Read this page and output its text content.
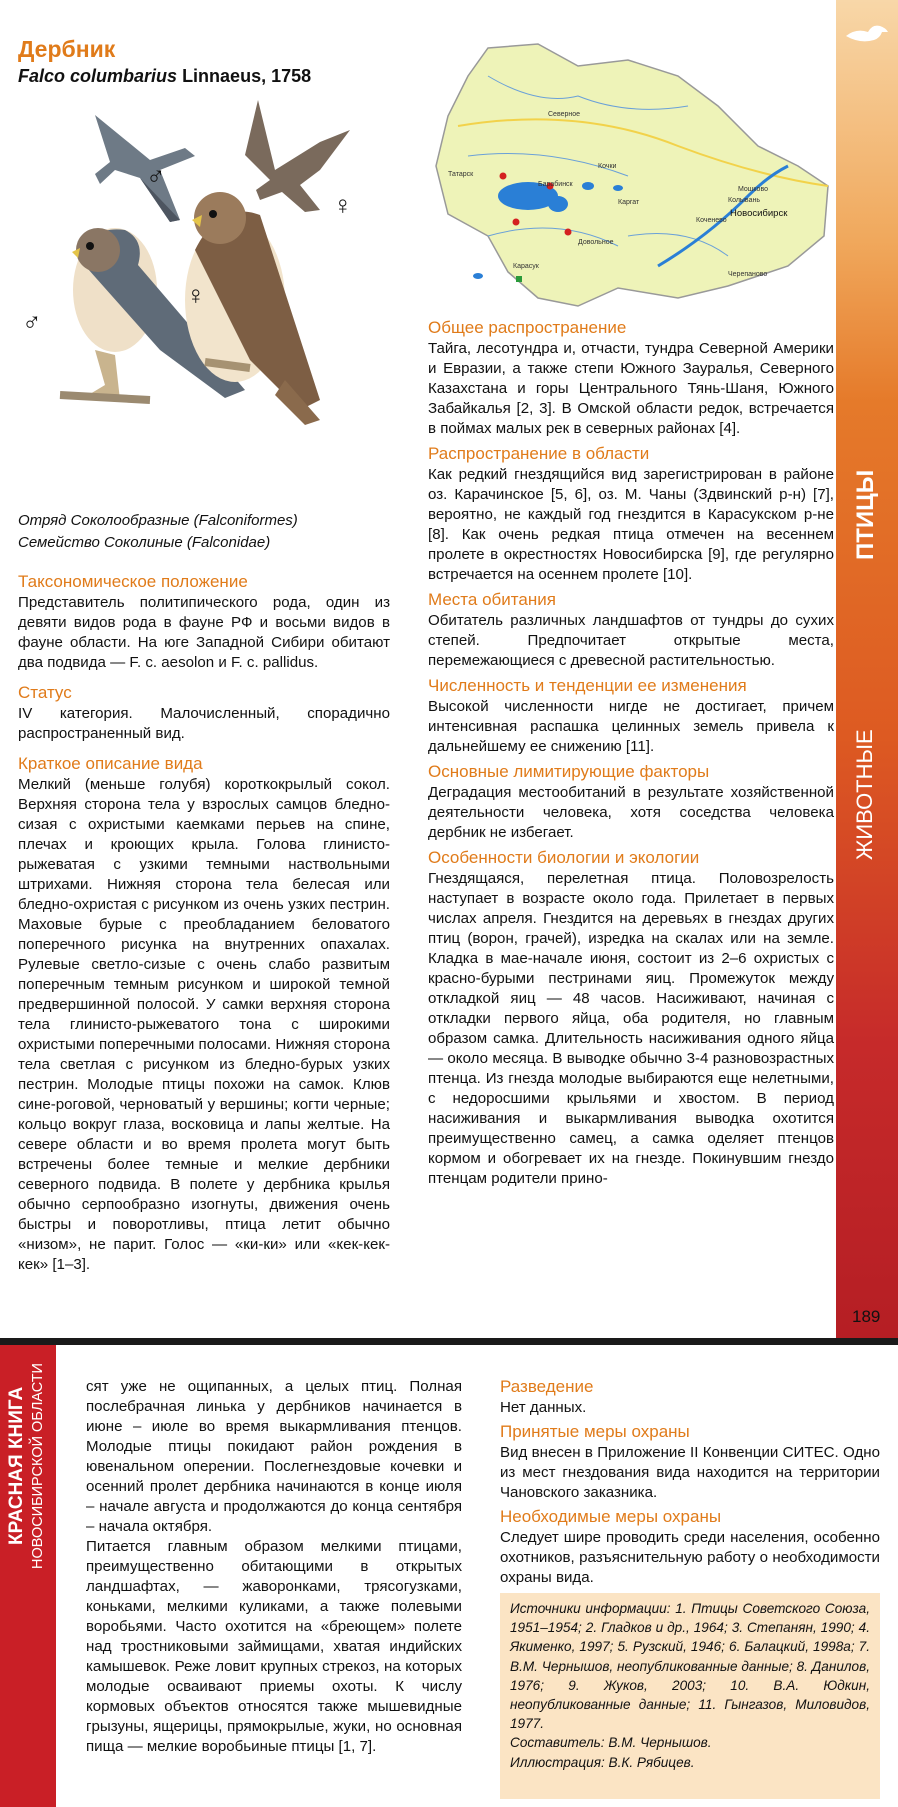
Дербник
Falco columbarius Linnaeus, 1758
♂
♀
♀
♂
Отряд Соколообразные (Falconiformes)
Семейство Соколиные (Falconidae)
Таксономическое положение

Представитель политипического рода, один из девяти видов рода в фауне РФ и восьми видов в фауне области. На юге Западной Сибири обитают два подвида — F. c. aesolon и F. c. pallidus.

Статус

IV категория. Малочисленный, спорадично распространенный вид.

Краткое описание вида

Мелкий (меньше голубя) короткокрылый сокол. Верхняя сторона тела у взрослых самцов бледно-сизая с охристыми каемками перьев на спине, плечах и кроющих крыла. Голова глинисто-рыжеватая с узкими темными наствольными штрихами. Нижняя сторона тела белесая или бледно-охристая с рисунком из очень узких пестрин. Маховые бурые с преобладанием беловатого поперечного рисунка на внутренних опахалах. Рулевые светло-сизые с очень слабо развитым поперечным темным рисунком и широкой темной предвершинной полосой. У самки верхняя сторона тела глинисто-рыжеватого тона с широкими охристыми поперечными полосами. Нижняя сторона тела светлая с рисунком из бледно-бурых узких пестрин. Молодые птицы похожи на самок. Клюв сине-роговой, черноватый у вершины; когти черные; кольцо вокруг глаза, восковица и лапы желтые. На севере области и во время пролета могут быть встречены более темные и мелкие дербники северного подвида. В полете у дербника крылья обычно серпообразно изогнуты, движения очень быстры и поворотливы, птица летит обычно «низом», не парит. Голос — «ки-ки» или «кек-кек-кек» [1–3].

Северное
Татарск
Барабинск
Каргат
Кочки
Мошково
Колывань
Коченево
Новосибирск
Довольное
Карасук
Черепаново
Общее распространение

Тайга, лесотундра и, отчасти, тундра Северной Америки и Евразии, а также степи Южного Зауралья, Северного Казахстана и горы Центрального Тянь-Шаня, Южного Забайкалья [2, 3]. В Омской области редок, встречается в поймах малых рек в северных районах [4].

Распространение в области

Как редкий гнездящийся вид зарегистрирован в районе оз. Карачинское [5, 6], оз. М. Чаны (Здвинский р-н) [7], вероятно, не каждый год гнездится в Карасукском р-не [8]. Как очень редкая птица отмечен на весеннем пролете в окрестностях Новосибирска [9], где регулярно встречается на осеннем пролете [10].

Места обитания

Обитатель различных ландшафтов от тундры до сухих степей. Предпочитает открытые места, перемежающиеся с древесной растительностью.

Численность и тенденции ее изменения

Высокой численности нигде не достигает, причем интенсивная распашка целинных земель привела к дальнейшему ее снижению [11].

Основные лимитирующие факторы

Деградация местообитаний в результате хозяйственной деятельности человека, хотя соседства человека дербник не избегает.

Особенности биологии и экологии

Гнездящаяся, перелетная птица. Половозрелость наступает в возрасте около года. Прилетает в первых числах апреля. Гнездится на деревьях в гнездах других птиц (ворон, грачей), изредка на скалах или на земле. Кладка в мае-начале июня, состоит из 2–6 охристых с красно-бурыми пестринами яиц. Промежуток между откладкой яиц — 48 часов. Насиживают, начиная с откладки первого яйца, оба родителя, но главным образом самка. Длительность насиживания одного яйца — около месяца. В выводке обычно 3-4 разновозрастных птенца. Из гнезда молодые выбираются еще нелетными, с недоросшими крыльями и хвостом. В период насиживания и выкармливания выводка охотится преимущественно самец, а самка оделяет птенцов кормом и обогревает их на гнезде. Покинувшим гнездо птенцам родители прино-

ПТИЦЫ
ЖИВОТНЫЕ
189
КРАСНАЯ КНИГА НОВОСИБИРСКОЙ ОБЛАСТИ	сят уже не ощипанных, а целых птиц. Полная послебрачная линька у дербников начинается в июне – июле во время выкармливания птенцов. Молодые птицы покидают район рождения в ювенальном оперении. Послегнездовые кочевки и осенний пролет дербника начинаются в конце июля – начале августа и продолжаются до конца сентября – начала октября.

Питается главным образом мелкими птицами, преимущественно обитающими в открытых ландшафтах, — жаворонками, трясогузками, коньками, мелкими куликами, а также полевыми воробьями. Часто охотится на «бреющем» полете над тростниковыми займищами, хватая индийских камышевок. Реже ловит крупных стрекоз, на которых молодые осваивают приемы охоты. К числу кормовых объектов относятся также мышевидные грызуны, ящерицы, прямокрылые, жуки, но основная пища — мелкие воробьиные птицы [1, 7].

Разведение

Нет данных.

Принятые меры охраны

Вид внесен в Приложение II Конвенции СИТЕС. Одно из мест гнездования вида находится на территории Чановского заказника.

Необходимые меры охраны

Следует шире проводить среди населения, особенно охотников, разъяснительную работу о необходимости охраны вида.

Источники информации: 1. Птицы Советского Союза, 1951–1954; 2. Гладков и др., 1964; 3. Степанян, 1990; 4. Якименко, 1997; 5. Рузский, 1946; 6. Балацкий, 1998а; 7. В.М. Чернышов, неопубликованные данные; 8. Данилов, 1976; 9. Жуков, 2003; 10. В.А. Юдкин, неопубликованные данные; 11. Гынгазов, Миловидов, 1977.
Составитель: В.М. Чернышов.
Иллюстрация: В.К. Рябицев.
